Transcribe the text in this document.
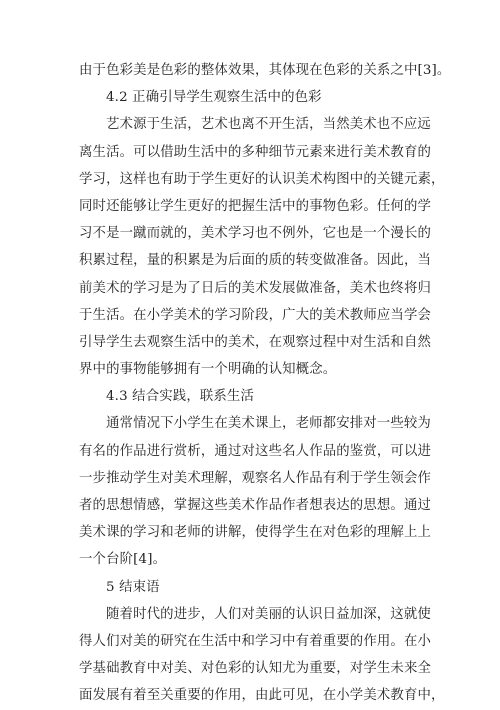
由于色彩美是色彩的整体效果，其体现在色彩的关系之中[3]。
4.2 正确引导学生观察生活中的色彩
艺术源于生活，艺术也离不开生活，当然美术也不应远
离生活。可以借助生活中的多种细节元素来进行美术教育的
学习，这样也有助于学生更好的认识美术构图中的关键元素，
同时还能够让学生更好的把握生活中的事物色彩。任何的学
习不是一蹴而就的，美术学习也不例外，它也是一个漫长的
积累过程，量的积累是为后面的质的转变做准备。因此，当
前美术的学习是为了日后的美术发展做准备，美术也终将归
于生活。在小学美术的学习阶段，广大的美术教师应当学会
引导学生去观察生活中的美术，在观察过程中对生活和自然
界中的事物能够拥有一个明确的认知概念。
4.3 结合实践，联系生活
通常情况下小学生在美术课上，老师都安排对一些较为
有名的作品进行赏析，通过对这些名人作品的鉴赏，可以进
一步推动学生对美术理解，观察名人作品有利于学生领会作
者的思想情感，掌握这些美术作品作者想表达的思想。通过
美术课的学习和老师的讲解，使得学生在对色彩的理解上上
一个台阶[4]。
5 结束语
随着时代的进步，人们对美丽的认识日益加深，这就使
得人们对美的研究在生活中和学习中有着重要的作用。在小
学基础教育中对美、对色彩的认知尤为重要，对学生未来全
面发展有着至关重要的作用，由此可见，在小学美术教育中，
